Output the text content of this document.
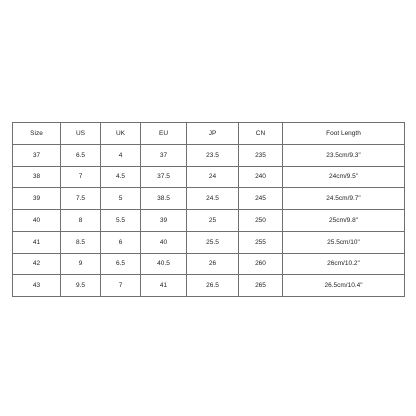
Size	US	UK	EU	JP	CN	Foot Length
37	6.5	4	37	23.5	235	23.5cm/9.3"
38	7	4.5	37.5	24	240	24cm/9.5"
39	7.5	5	38.5	24.5	245	24.5cm/9.7"
40	8	5.5	39	25	250	25cm/9.8"
41	8.5	6	40	25.5	255	25.5cm/10"
42	9	6.5	40.5	26	260	26cm/10.2"
43	9.5	7	41	26.5	265	26.5cm/10.4"
